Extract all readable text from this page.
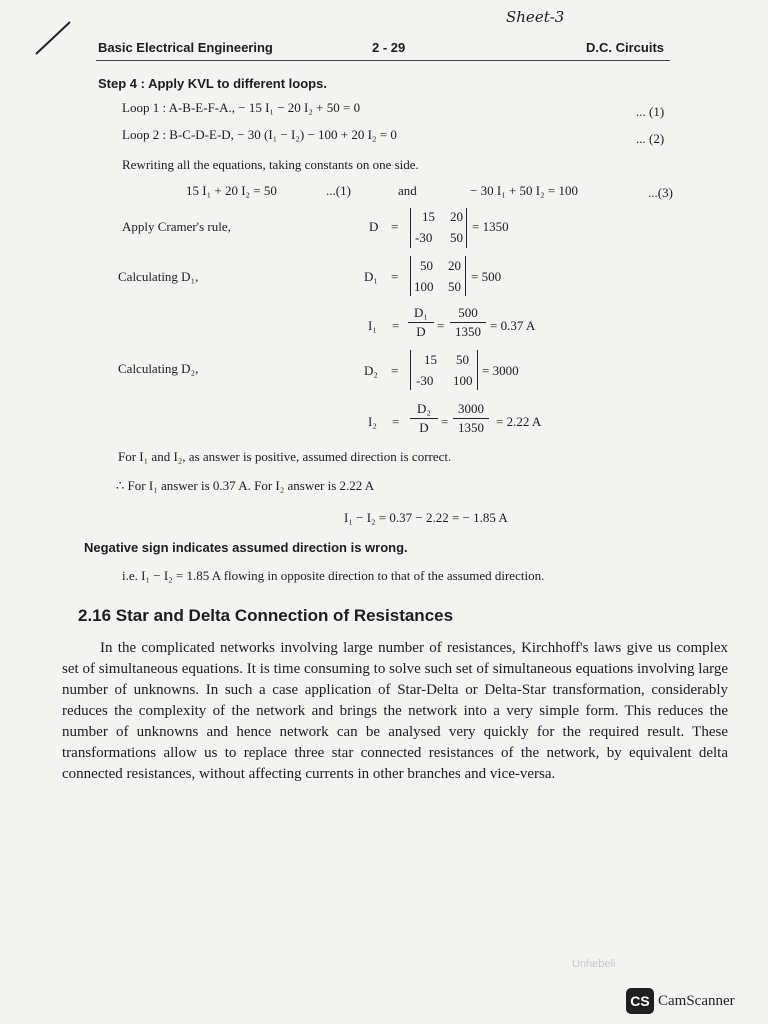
Sheet-3
Basic Electrical Engineering	2 - 29	D.C. Circuits
Step 4 : Apply KVL to different loops.
Loop 1 : A-B-E-F-A., − 15 I₁ − 20 I₂ + 50 = 0	... (1)
Loop 2 : B-C-D-E-D, − 30 (I₁ − I₂) − 100 + 20 I₂ = 0	... (2)
Rewriting all the equations, taking constants on one side.
15 I₁ + 20 I₂ = 50	...(1)	and	− 30 I₁ + 50 I₂ = 100	...(3)
Apply Cramer's rule,	D =
15 20
-30 50
= 1350
Calculating D₁,	D₁ =
50 20
100 50
= 500
I₁ =
D₁
D =
500
1350 = 0.37 A
Calculating D₂,	D₂ =
15 50
-30 100
= 3000
I₂ =
D₂
D =
3000
1350 = 2.22 A
For I₁ and I₂, as answer is positive, assumed direction is correct.
∴ For I₁ answer is 0.37 A. For I₂ answer is 2.22 A
I₁ − I₂ = 0.37 − 2.22 = − 1.85 A
Negative sign indicates assumed direction is wrong.
i.e. I₁ − I₂ = 1.85 A flowing in opposite direction to that of the assumed direction.
2.16 Star and Delta Connection of Resistances

In the complicated networks involving large number of resistances, Kirchhoff's laws give us complex set of simultaneous equations. It is time consuming to solve such set of simultaneous equations involving large number of unknowns. In such a case application of Star-Delta or Delta-Star transformation, considerably reduces the complexity of the network and brings the network into a very simple form. This reduces the number of unknowns and hence network can be analysed very quickly for the required result. These transformations allow us to replace three star connected resistances of the network, by equivalent delta connected resistances, without affecting currents in other branches and vice-versa.

Unhebeli
CS CamScanner
